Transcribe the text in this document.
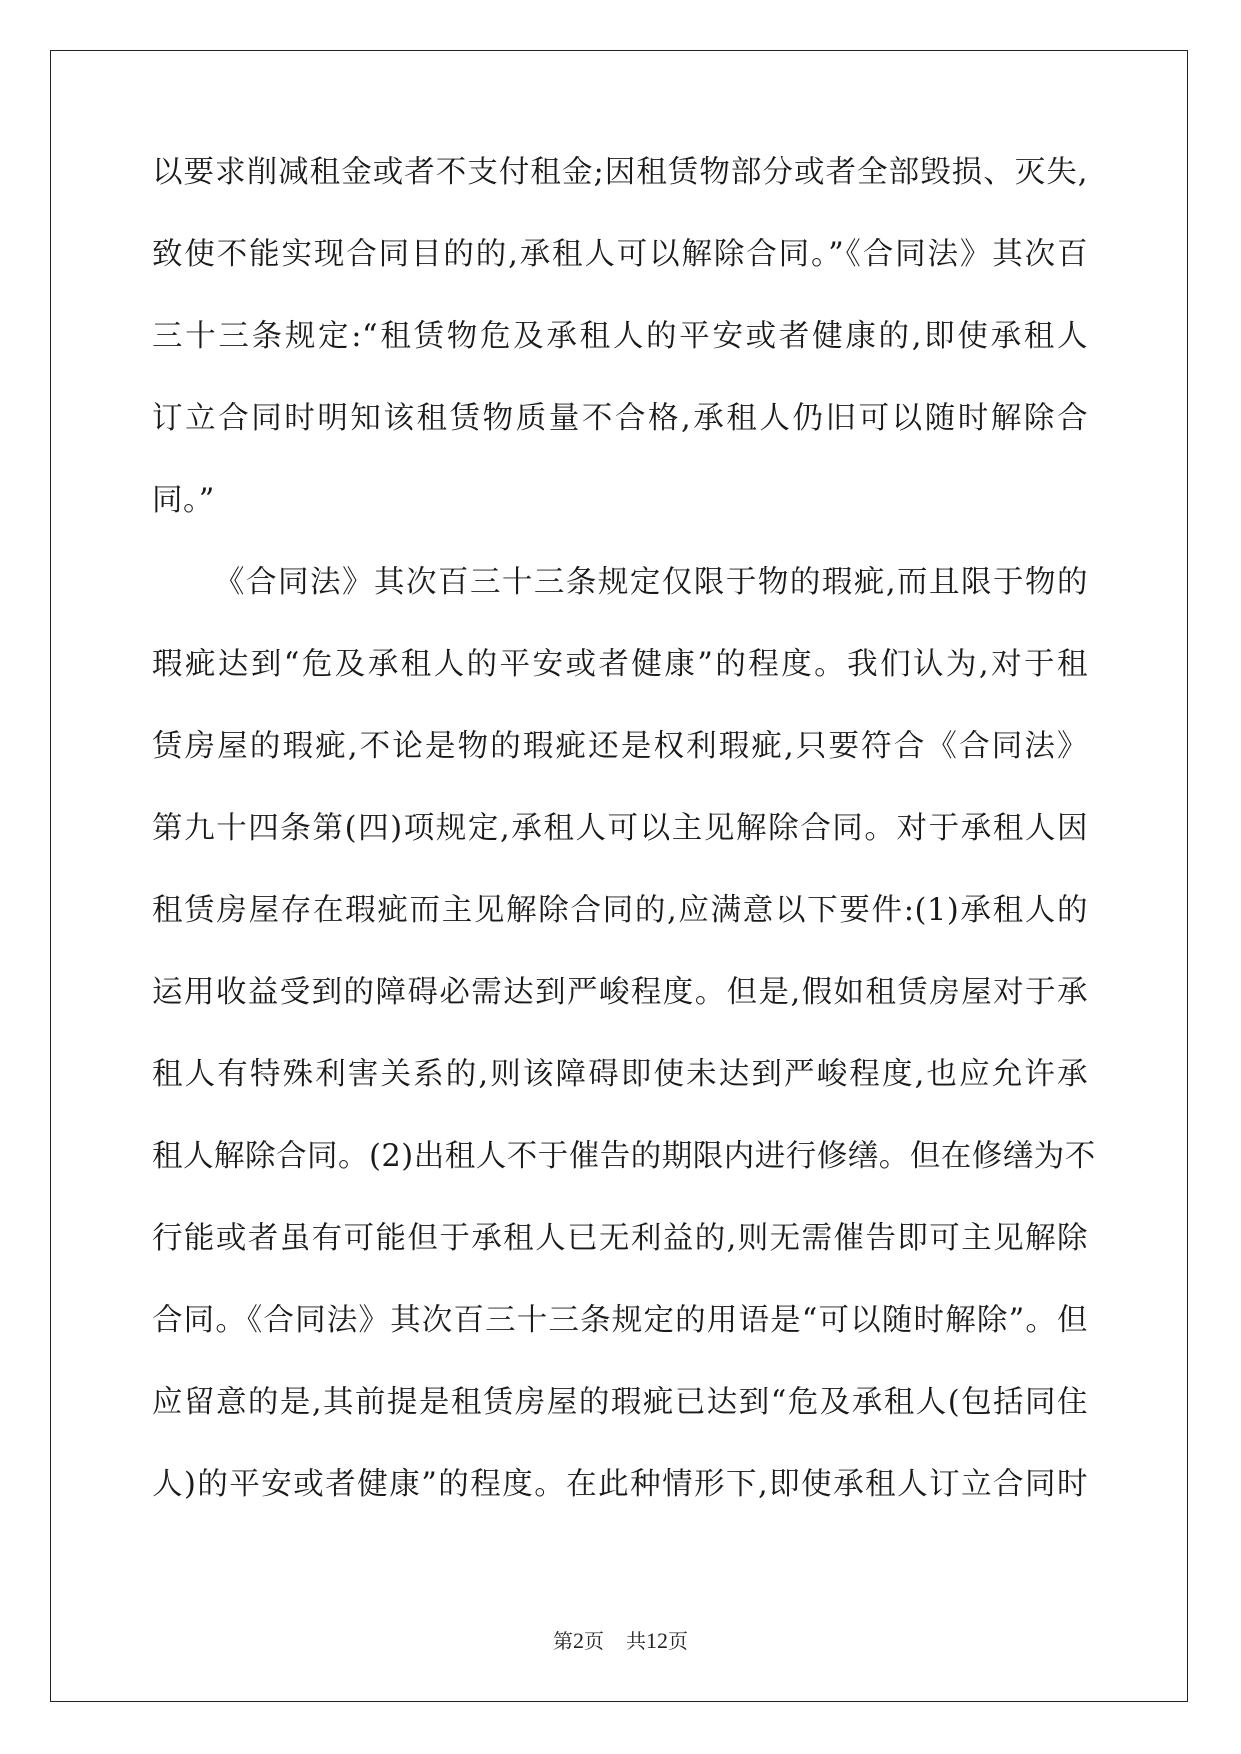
以要求削减租金或者不支付租金;因租赁物部分或者全部毁损、灭失,
致使不能实现合同目的的,承租人可以解除合同。”《合同法》其次百
三十三条规定:“租赁物危及承租人的平安或者健康的,即使承租人
订立合同时明知该租赁物质量不合格,承租人仍旧可以随时解除合
同。”
《合同法》其次百三十三条规定仅限于物的瑕疵,而且限于物的
瑕疵达到“危及承租人的平安或者健康”的程度。我们认为,对于租
赁房屋的瑕疵,不论是物的瑕疵还是权利瑕疵,只要符合《合同法》
第九十四条第(四)项规定,承租人可以主见解除合同。对于承租人因
租赁房屋存在瑕疵而主见解除合同的,应满意以下要件:(1)承租人的
运用收益受到的障碍必需达到严峻程度。但是,假如租赁房屋对于承
租人有特殊利害关系的,则该障碍即使未达到严峻程度,也应允许承
租人解除合同。(2)出租人不于催告的期限内进行修缮。但在修缮为不
行能或者虽有可能但于承租人已无利益的,则无需催告即可主见解除
合同。《合同法》其次百三十三条规定的用语是“可以随时解除”。但
应留意的是,其前提是租赁房屋的瑕疵已达到“危及承租人(包括同住
人)的平安或者健康”的程度。在此种情形下,即使承租人订立合同时
第2页 共12页
